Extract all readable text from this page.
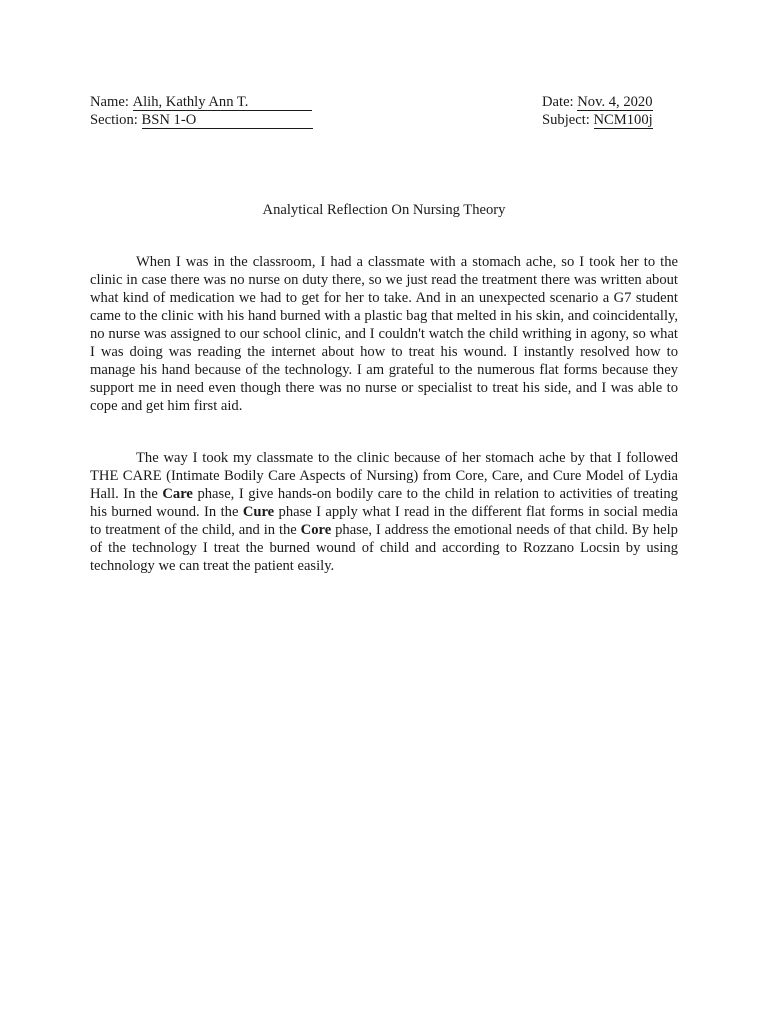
Name: Alih, Kathly Ann T.
Section: BSN 1-O
Date: Nov. 4, 2020
Subject: NCM100j
Analytical Reflection On Nursing Theory

When I was in the classroom, I had a classmate with a stomach ache, so I took her to the clinic in case there was no nurse on duty there, so we just read the treatment there was written about what kind of medication we had to get for her to take. And in an unexpected scenario a G7 student came to the clinic with his hand burned with a plastic bag that melted in his skin, and coincidentally, no nurse was assigned to our school clinic, and I couldn't watch the child writhing in agony, so what I was doing was reading the internet about how to treat his wound. I instantly resolved how to manage his hand because of the technology. I am grateful to the numerous flat forms because they support me in need even though there was no nurse or specialist to treat his side, and I was able to cope and get him first aid.

The way I took my classmate to the clinic because of her stomach ache by that I followed THE CARE (Intimate Bodily Care Aspects of Nursing) from Core, Care, and Cure Model of Lydia Hall. In the Care phase, I give hands-on bodily care to the child in relation to activities of treating his burned wound. In the Cure phase I apply what I read in the different flat forms in social media to treatment of the child, and in the Core phase, I address the emotional needs of that child. By help of the technology I treat the burned wound of child and according to Rozzano Locsin by using technology we can treat the patient easily.
